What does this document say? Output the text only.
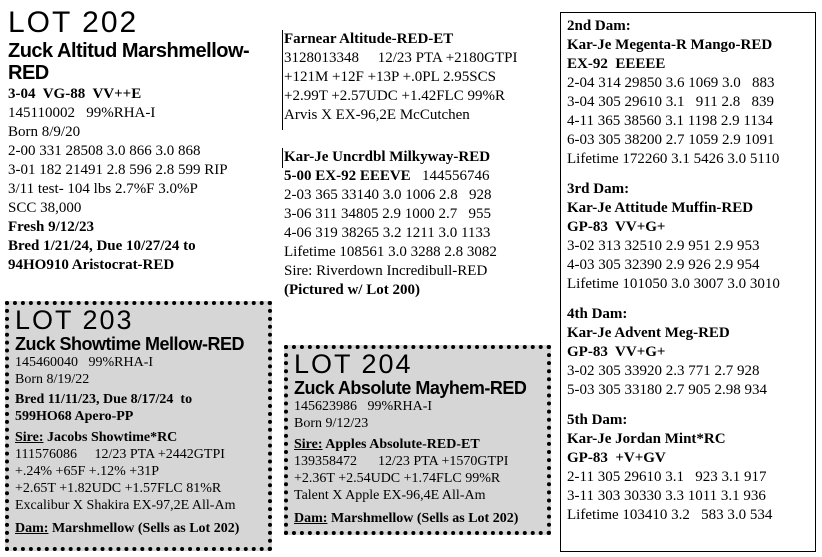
LOT 202
Zuck Altitud Marshmellow-RED
3-04  VG-88  VV++E
145110002   99%RHA-I
Born 8/9/20
2-00 331 28508 3.0 866 3.0 868
3-01 182 21491 2.8 596 2.8 599 RIP
3/11 test- 104 lbs 2.7%F 3.0%P
SCC 38,000
Fresh 9/12/23
Bred 1/21/24, Due 10/27/24 to
94HO910 Aristocrat-RED
Farnear Altitude-RED-ET
3128013348     12/23 PTA +2180GTPI
+121M +12F +13P +.0PL 2.95SCS
+2.99T +2.57UDC +1.42FLC 99%R
Arvis X EX-96,2E McCutchen
Kar-Je Uncrdbl Milkyway-RED
5-00 EX-92 EEEVE   144556746
2-03 365 33140 3.0 1006 2.8   928
3-06 311 34805 2.9 1000 2.7   955
4-06 319 38265 3.2 1211 3.0 1133
Lifetime 108561 3.0 3288 2.8 3082
Sire: Riverdown Incredibull-RED
(Pictured w/ Lot 200)
2nd Dam:
Kar-Je Megenta-R Mango-RED
EX-92  EEEEE
2-04 314 29850 3.6 1069 3.0   883
3-04 305 29610 3.1   911 2.8   839
4-11 365 38560 3.1 1198 2.9 1134
6-03 305 38200 2.7 1059 2.9 1091
Lifetime 172260 3.1 5426 3.0 5110
3rd Dam:
Kar-Je Attitude Muffin-RED
GP-83  VV+G+
3-02 313 32510 2.9 951 2.9 953
4-03 305 32390 2.9 926 2.9 954
Lifetime 101050 3.0 3007 3.0 3010
4th Dam:
Kar-Je Advent Meg-RED
GP-83  VV+G+
3-02 305 33920 2.3 771 2.7 928
5-03 305 33180 2.7 905 2.98 934
5th Dam:
Kar-Je Jordan Mint*RC
GP-83  +V+GV
2-11 305 29610 3.1   923 3.1 917
3-11 303 30330 3.3 1011 3.1 936
Lifetime 103410 3.2   583 3.0 534
LOT 203
Zuck Showtime Mellow-RED
145460040   99%RHA-I
Born 8/19/22
Bred 11/11/23, Due 8/17/24  to
599HO68 Apero-PP
Sire: Jacobs Showtime*RC
111576086     12/23 PTA +2442GTPI
+.24% +65F +.12% +31P
+2.65T +1.82UDC +1.57FLC 81%R
Excalibur X Shakira EX-97,2E All-Am
Dam: Marshmellow (Sells as Lot 202)
LOT 204
Zuck Absolute Mayhem-RED
145623986   99%RHA-I
Born 9/12/23
Sire: Apples Absolute-RED-ET
139358472      12/23 PTA +1570GTPI
+2.36T +2.54UDC +1.74FLC 99%R
Talent X Apple EX-96,4E All-Am
Dam: Marshmellow (Sells as Lot 202)
